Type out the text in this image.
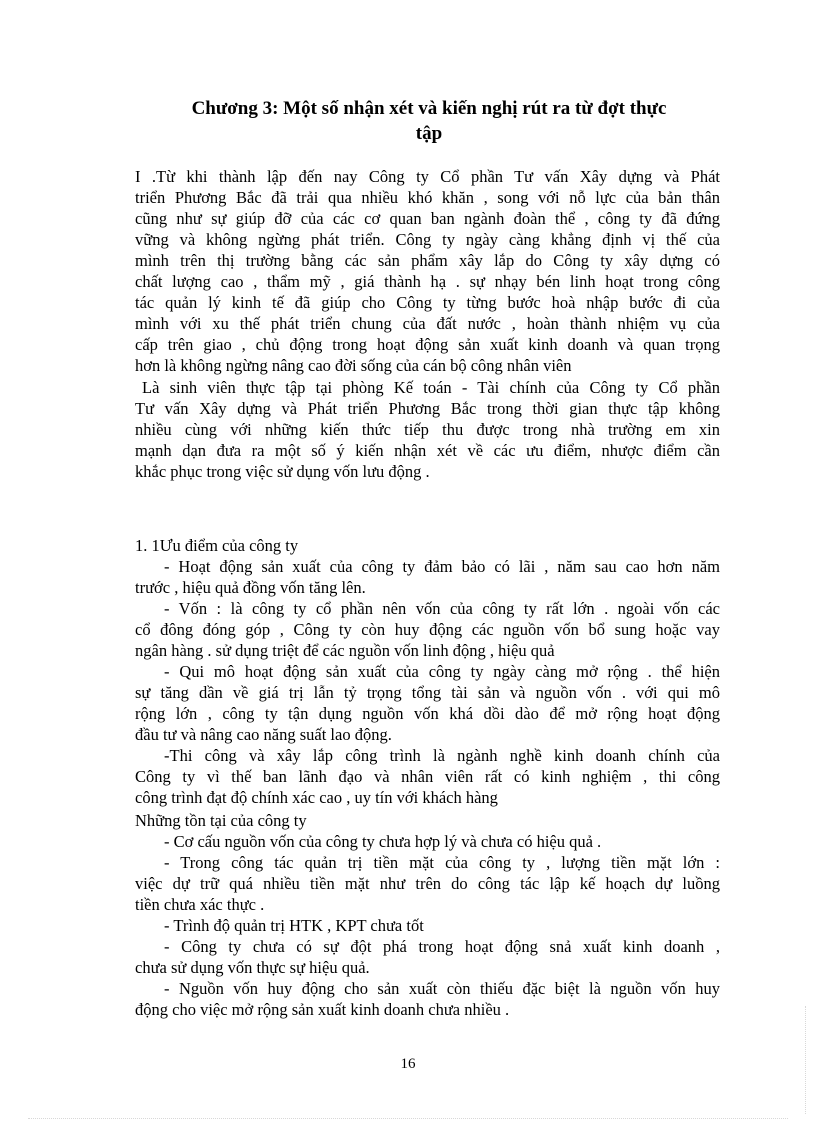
Chương 3: Một số nhận xét và kiến nghị rút ra từ đợt thực
tập
I .Từ khi thành lập đến nay Công ty Cổ phần Tư vấn Xây dựng và Phát
triển Phương Bắc đã trải qua nhiều khó khăn , song với nỗ lực của bản thân
cũng như sự giúp đỡ của các cơ quan ban ngành đoàn thể , công ty đã đứng
vững và không ngừng phát triển. Công ty ngày càng khẳng định vị thế của
mình trên thị trường bằng các sản phẩm xây lắp do Công ty xây dựng có
chất lượng cao , thẩm mỹ , giá thành hạ . sự nhạy bén linh hoạt trong công
tác quản lý kinh tế đã giúp cho Công ty từng bước hoà nhập bước đi của
mình với xu thế phát triển chung của đất nước , hoàn thành nhiệm vụ của
cấp trên giao , chủ động trong hoạt động sản xuất kinh doanh và quan trọng
hơn là không ngừng nâng cao đời sống của cán bộ công nhân viên
Là sinh viên thực tập tại phòng Kế toán - Tài chính của Công ty Cổ phần
Tư vấn Xây dựng và Phát triển Phương Bắc trong thời gian thực tập không
nhiều cùng với những kiến thức tiếp thu được trong nhà trường em xin
mạnh dạn đưa ra một số ý kiến nhận xét về các ưu điểm, nhược điểm cần
khắc phục trong việc sử dụng vốn lưu động .
1. 1Ưu điểm của công ty
- Hoạt động sản xuất của công ty đảm bảo có lãi , năm sau cao hơn năm
trước , hiệu quả đồng vốn tăng lên.
- Vốn : là công ty cổ phần nên vốn của công ty rất lớn . ngoài vốn các
cổ đông đóng góp , Công ty còn huy động các nguồn vốn bổ sung hoặc vay
ngân hàng . sử dụng triệt để các nguồn vốn linh động , hiệu quả
- Qui mô hoạt động sản xuất của công ty ngày càng mở rộng . thể hiện
sự tăng dần về giá trị lẫn tỷ trọng tổng tài sản và nguồn vốn . với qui mô
rộng lớn , công ty tận dụng nguồn vốn khá dồi dào để mở rộng hoạt động
đầu tư và nâng cao năng suất lao động.
-Thi công và xây lắp công trình là ngành nghề kinh doanh chính của
Công ty vì thế ban lãnh đạo và nhân viên rất có kinh nghiệm , thi công
công trình đạt độ chính xác cao , uy tín với khách hàng
Những tồn tại của công ty
- Cơ cấu nguồn vốn của công ty chưa hợp lý và chưa có hiệu quả .
- Trong công tác quản trị tiền mặt của công ty , lượng tiền mặt lớn :
việc dự trữ quá nhiều tiền mặt như trên do công tác lập kế hoạch dự luồng
tiền chưa xác thực .
- Trình độ quản trị HTK , KPT chưa tốt
- Công ty chưa có sự đột phá trong hoạt động snả xuất kinh doanh ,
chưa sử dụng vốn thực sự hiệu quả.
- Nguồn vốn huy động cho sản xuất còn thiếu đặc biệt là nguồn vốn huy
động cho việc mở rộng sản xuất kinh doanh chưa nhiều .
16
